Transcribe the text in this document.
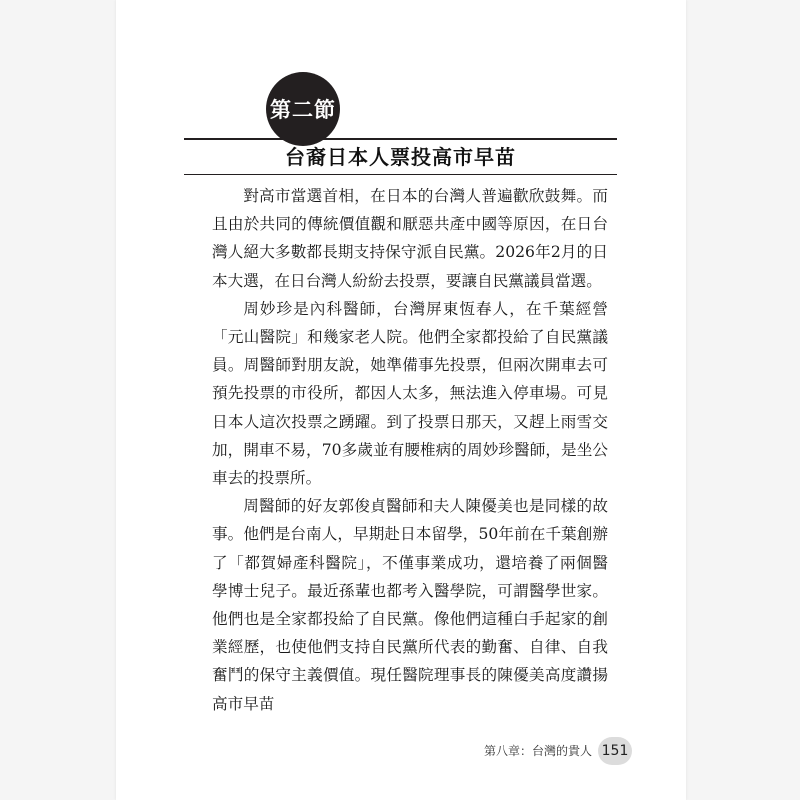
第二節
台裔日本人票投高市早苗

對高市當選首相，在日本的台灣人普遍歡欣鼓舞。而且由於共同的傳統價值觀和厭惡共產中國等原因，在日台灣人絕大多數都長期支持保守派自民黨。2026年2月的日本大選，在日台灣人紛紛去投票，要讓自民黨議員當選。

周妙珍是內科醫師，台灣屏東恆春人，在千葉經營「元山醫院」和幾家老人院。他們全家都投給了自民黨議員。周醫師對朋友說，她準備事先投票，但兩次開車去可預先投票的市役所，都因人太多，無法進入停車場。可見日本人這次投票之踴躍。到了投票日那天，又趕上雨雪交加，開車不易，70多歲並有腰椎病的周妙珍醫師，是坐公車去的投票所。

周醫師的好友郭俊貞醫師和夫人陳優美也是同樣的故事。他們是台南人，早期赴日本留學，50年前在千葉創辦了「都賀婦產科醫院」，不僅事業成功，還培養了兩個醫學博士兒子。最近孫輩也都考入醫學院，可謂醫學世家。他們也是全家都投給了自民黨。像他們這種白手起家的創業經歷，也使他們支持自民黨所代表的勤奮、自律、自我奮鬥的保守主義價值。現任醫院理事長的陳優美高度讚揚高市早苗

第八章：台灣的貴人 151
